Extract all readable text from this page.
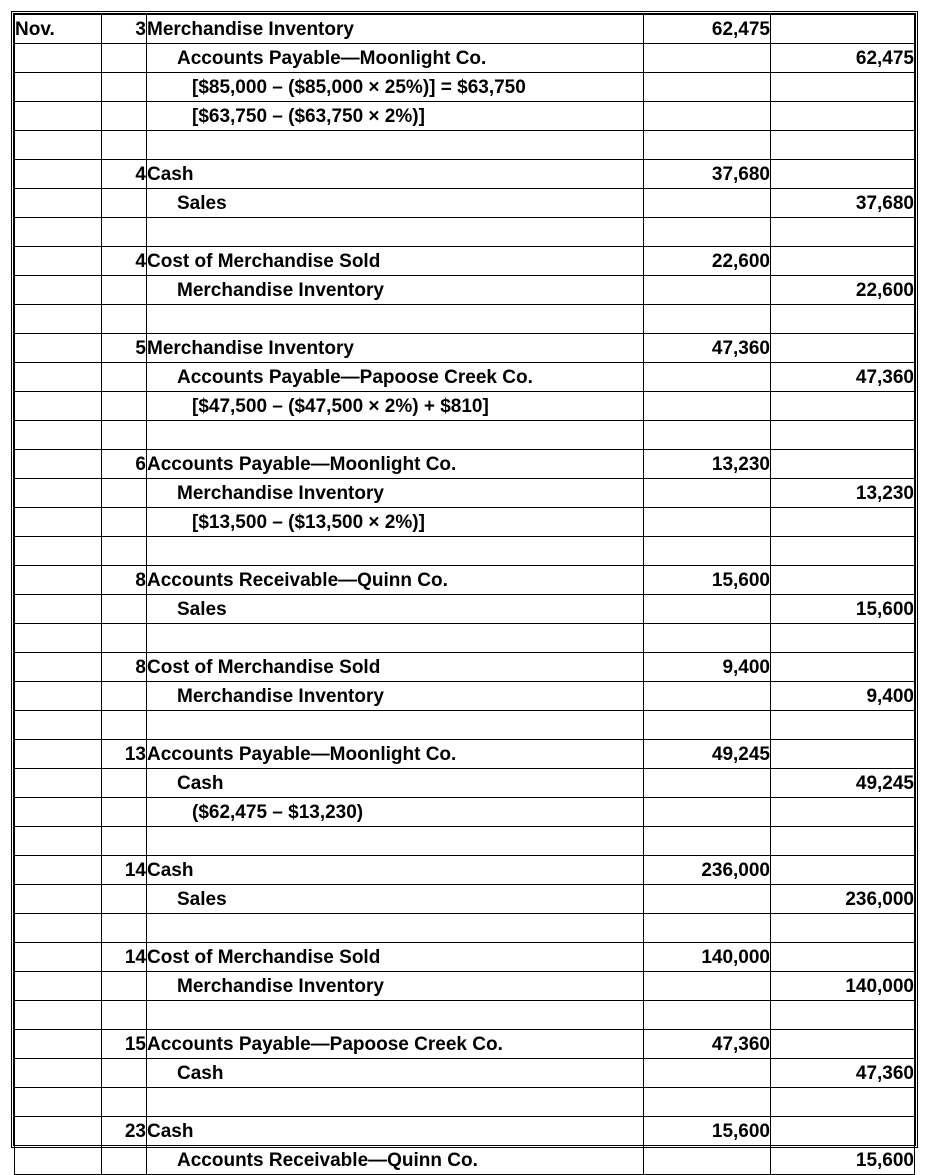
Nov.	3	Merchandise Inventory	62,475	
		Accounts Payable—Moonlight Co.		62,475
		[$85,000 – ($85,000 × 25%)] = $63,750		
		[$63,750 – ($63,750 × 2%)]		

	4	Cash	37,680	
		Sales		37,680

	4	Cost of Merchandise Sold	22,600	
		Merchandise Inventory		22,600

	5	Merchandise Inventory	47,360	
		Accounts Payable—Papoose Creek Co.		47,360
		[$47,500 – ($47,500 × 2%) + $810]		

	6	Accounts Payable—Moonlight Co.	13,230	
		Merchandise Inventory		13,230
		[$13,500 – ($13,500 × 2%)]		

	8	Accounts Receivable—Quinn Co.	15,600	
		Sales		15,600

	8	Cost of Merchandise Sold	9,400	
		Merchandise Inventory		9,400

	13	Accounts Payable—Moonlight Co.	49,245	
		Cash		49,245
		($62,475 – $13,230)		

	14	Cash	236,000	
		Sales		236,000

	14	Cost of Merchandise Sold	140,000	
		Merchandise Inventory		140,000

	15	Accounts Payable—Papoose Creek Co.	47,360	
		Cash		47,360

	23	Cash	15,600	
		Accounts Receivable—Quinn Co.		15,600
